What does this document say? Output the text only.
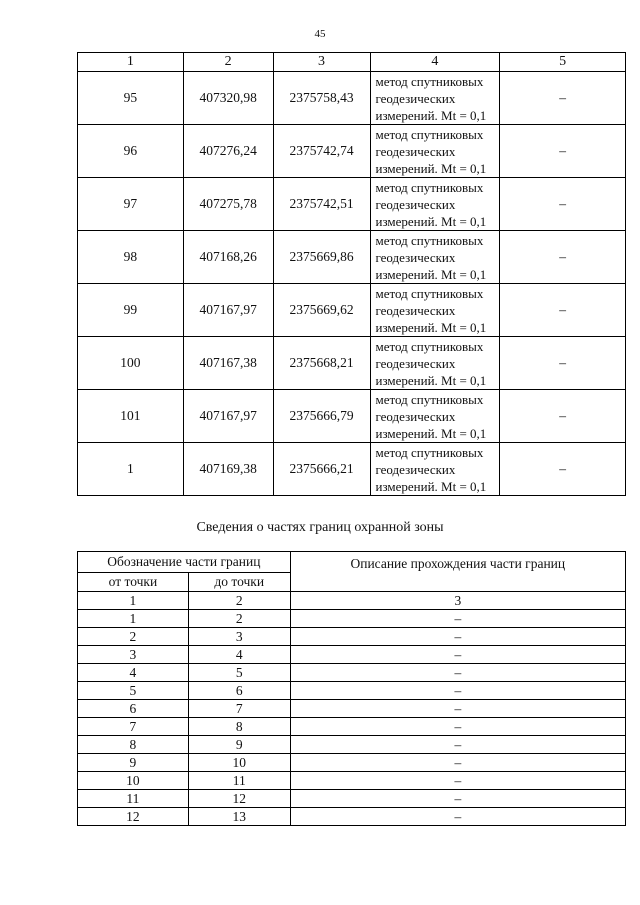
45
1	2	3	4	5
95	407320,98	2375758,43	метод спутниковых
геодезических
измерений. Mt = 0,1	–
96	407276,24	2375742,74	метод спутниковых
геодезических
измерений. Mt = 0,1	–
97	407275,78	2375742,51	метод спутниковых
геодезических
измерений. Mt = 0,1	–
98	407168,26	2375669,86	метод спутниковых
геодезических
измерений. Mt = 0,1	–
99	407167,97	2375669,62	метод спутниковых
геодезических
измерений. Mt = 0,1	–
100	407167,38	2375668,21	метод спутниковых
геодезических
измерений. Mt = 0,1	–
101	407167,97	2375666,79	метод спутниковых
геодезических
измерений. Mt = 0,1	–
1	407169,38	2375666,21	метод спутниковых
геодезических
измерений. Mt = 0,1	–
Сведения о частях границ охранной зоны
Обозначение части границ		Описание прохождения части границ
от точки	до точки	
1	2	3
1	2	–
2	3	–
3	4	–
4	5	–
5	6	–
6	7	–
7	8	–
8	9	–
9	10	–
10	11	–
11	12	–
12	13	–
